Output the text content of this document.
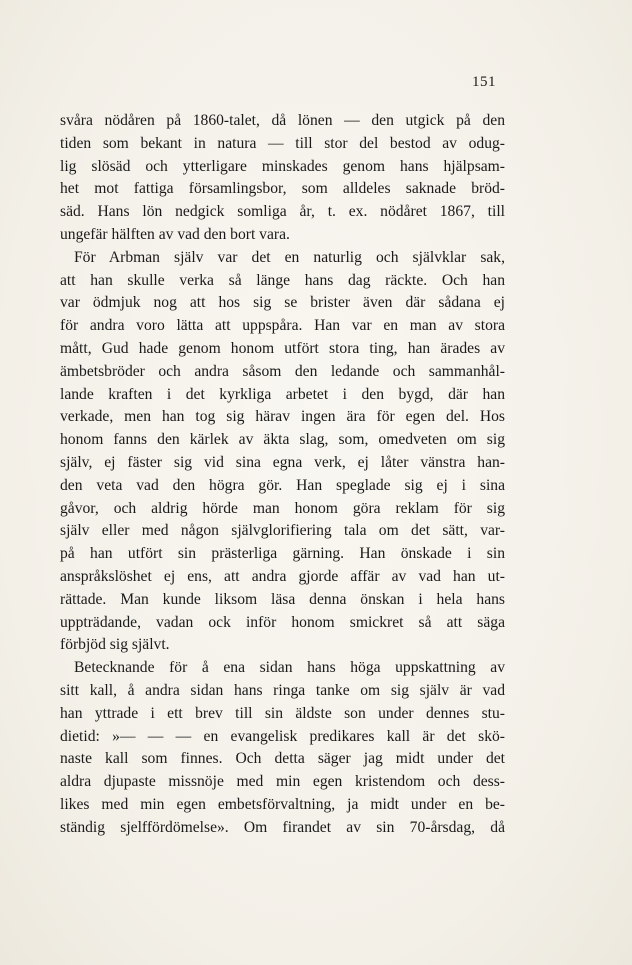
151
svåra nödåren på 1860-talet, då lönen — den utgick på den
tiden som bekant in natura — till stor del bestod av odug-
lig slösäd och ytterligare minskades genom hans hjälpsam-
het mot fattiga församlingsbor, som alldeles saknade bröd-
säd. Hans lön nedgick somliga år, t. ex. nödåret 1867, till
ungefär hälften av vad den bort vara.
För Arbman själv var det en naturlig och självklar sak,
att han skulle verka så länge hans dag räckte. Och han
var ödmjuk nog att hos sig se brister även där sådana ej
för andra voro lätta att uppspåra. Han var en man av stora
mått, Gud hade genom honom utfört stora ting, han ärades av
ämbetsbröder och andra såsom den ledande och sammanhål-
lande kraften i det kyrkliga arbetet i den bygd, där han
verkade, men han tog sig härav ingen ära för egen del. Hos
honom fanns den kärlek av äkta slag, som, omedveten om sig
själv, ej fäster sig vid sina egna verk, ej låter vänstra han-
den veta vad den högra gör. Han speglade sig ej i sina
gåvor, och aldrig hörde man honom göra reklam för sig
själv eller med någon självglorifiering tala om det sätt, var-
på han utfört sin prästerliga gärning. Han önskade i sin
anspråkslöshet ej ens, att andra gjorde affär av vad han ut-
rättade. Man kunde liksom läsa denna önskan i hela hans
uppträdande, vadan ock inför honom smickret så att säga
förbjöd sig självt.
Betecknande för å ena sidan hans höga uppskattning av
sitt kall, å andra sidan hans ringa tanke om sig själv är vad
han yttrade i ett brev till sin äldste son under dennes stu-
dietid: »— — — en evangelisk predikares kall är det skö-
naste kall som finnes. Och detta säger jag midt under det
aldra djupaste missnöje med min egen kristendom och dess-
likes med min egen embetsförvaltning, ja midt under en be-
ständig sjelffördömelse». Om firandet av sin 70-årsdag, då
